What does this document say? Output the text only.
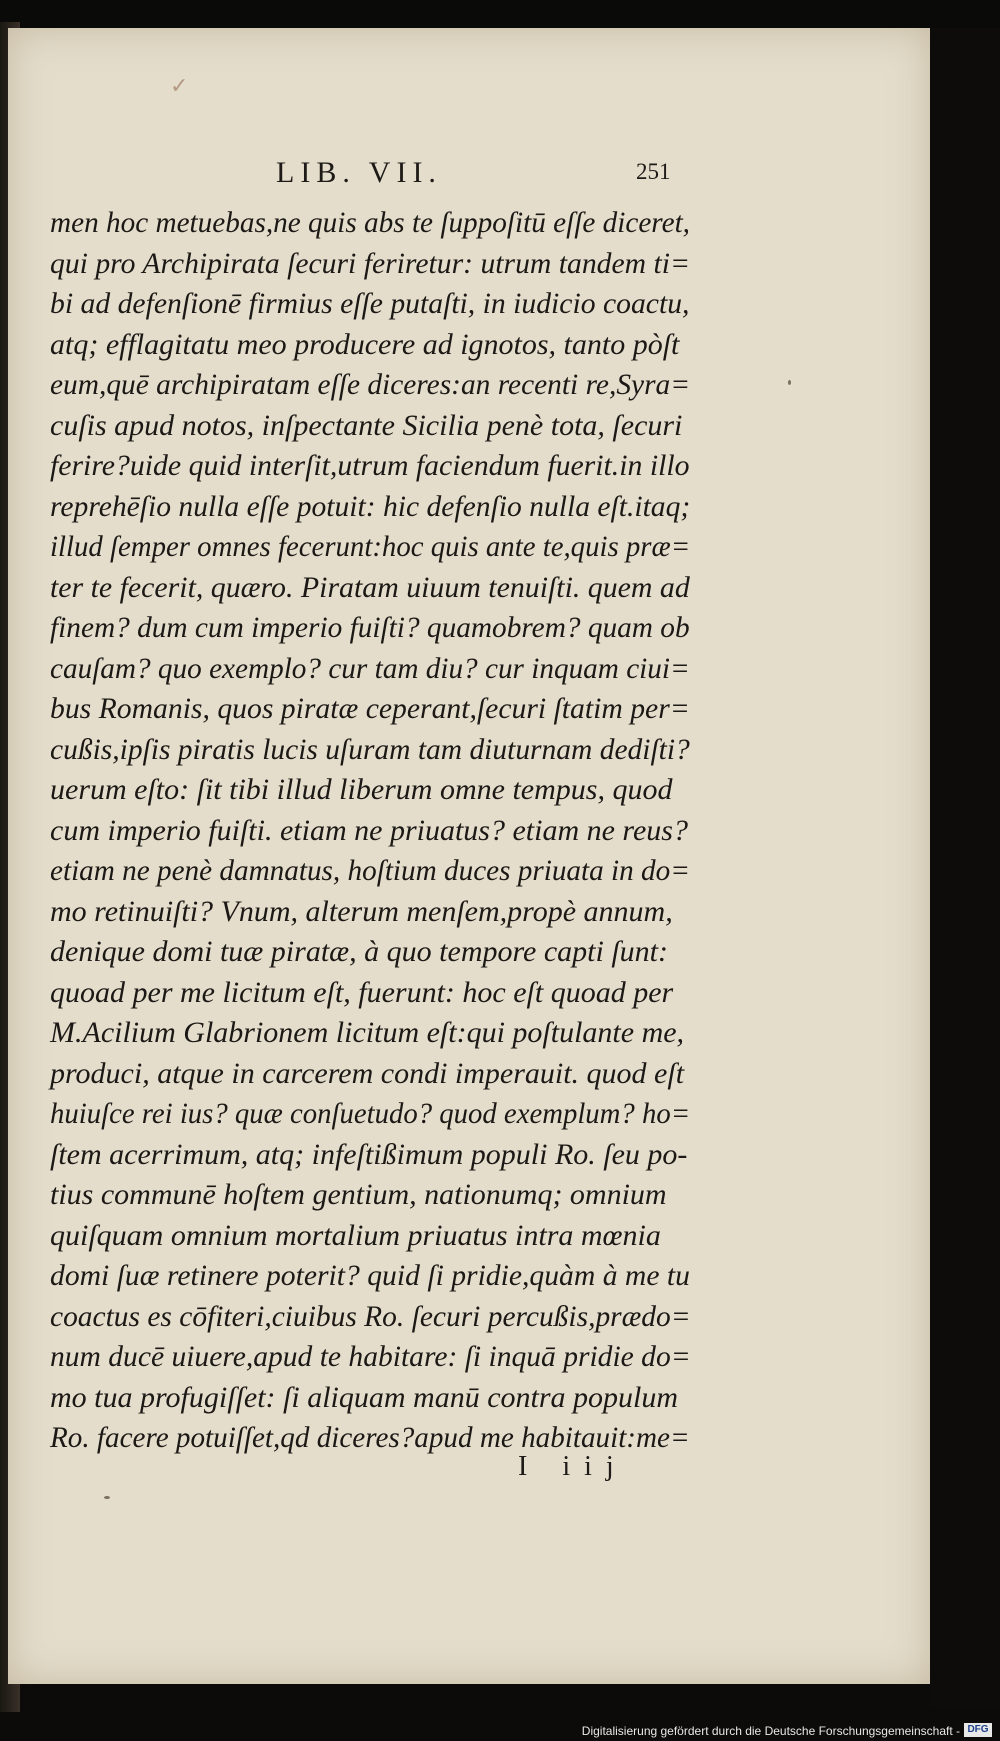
✓
LIB. VII.	251
men hoc metuebas,ne quis abs te ſuppoſitū eſſe diceret,
qui pro Archipirata ſecuri feriretur: utrum tandem ti=
bi ad defenſionē firmius eſſe putaſti, in iudicio coactu,
atq; efflagitatu meo producere ad ignotos, tanto pòſt
eum,quē archipiratam eſſe diceres:an recenti re,Syra=
cuſis apud notos, inſpectante Sicilia penè tota, ſecuri
ferire?uide quid interſit,utrum faciendum fuerit.in illo
reprehēſio nulla eſſe potuit: hic defenſio nulla eſt.itaq;
illud ſemper omnes fecerunt:hoc quis ante te,quis præ=
ter te fecerit, quæro. Piratam uiuum tenuiſti. quem ad
finem? dum cum imperio fuiſti? quamobrem? quam ob
cauſam? quo exemplo? cur tam diu? cur inquam ciui=
bus Romanis, quos piratæ ceperant,ſecuri ſtatim per=
cußis,ipſis piratis lucis uſuram tam diuturnam dediſti?
uerum eſto: ſit tibi illud liberum omne tempus, quod
cum imperio fuiſti. etiam ne priuatus? etiam ne reus?
etiam ne penè damnatus, hoſtium duces priuata in do=
mo retinuiſti? Vnum, alterum menſem,propè annum,
denique domi tuæ piratæ, à quo tempore capti ſunt:
quoad per me licitum eſt, fuerunt: hoc eſt quoad per
M.Acilium Glabrionem licitum eſt:qui poſtulante me,
produci, atque in carcerem condi imperauit. quod eſt
huiuſce rei ius? quæ conſuetudo? quod exemplum? ho=
ſtem acerrimum, atq; infeſtißimum populi Ro. ſeu po-
tius communē hoſtem gentium, nationumq; omnium
quiſquam omnium mortalium priuatus intra mœnia
domi ſuæ retinere poterit? quid ſi pridie,quàm à me tu
coactus es cōfiteri,ciuibus Ro. ſecuri percußis,prædo=
num ducē uiuere,apud te habitare: ſi inquā pridie do=
mo tua profugiſſet: ſi aliquam manū contra populum
Ro. facere potuiſſet,qd diceres?apud me habitauit:me=
I iij
Digitalisierung gefördert durch die Deutsche Forschungsgemeinschaft - DFG
